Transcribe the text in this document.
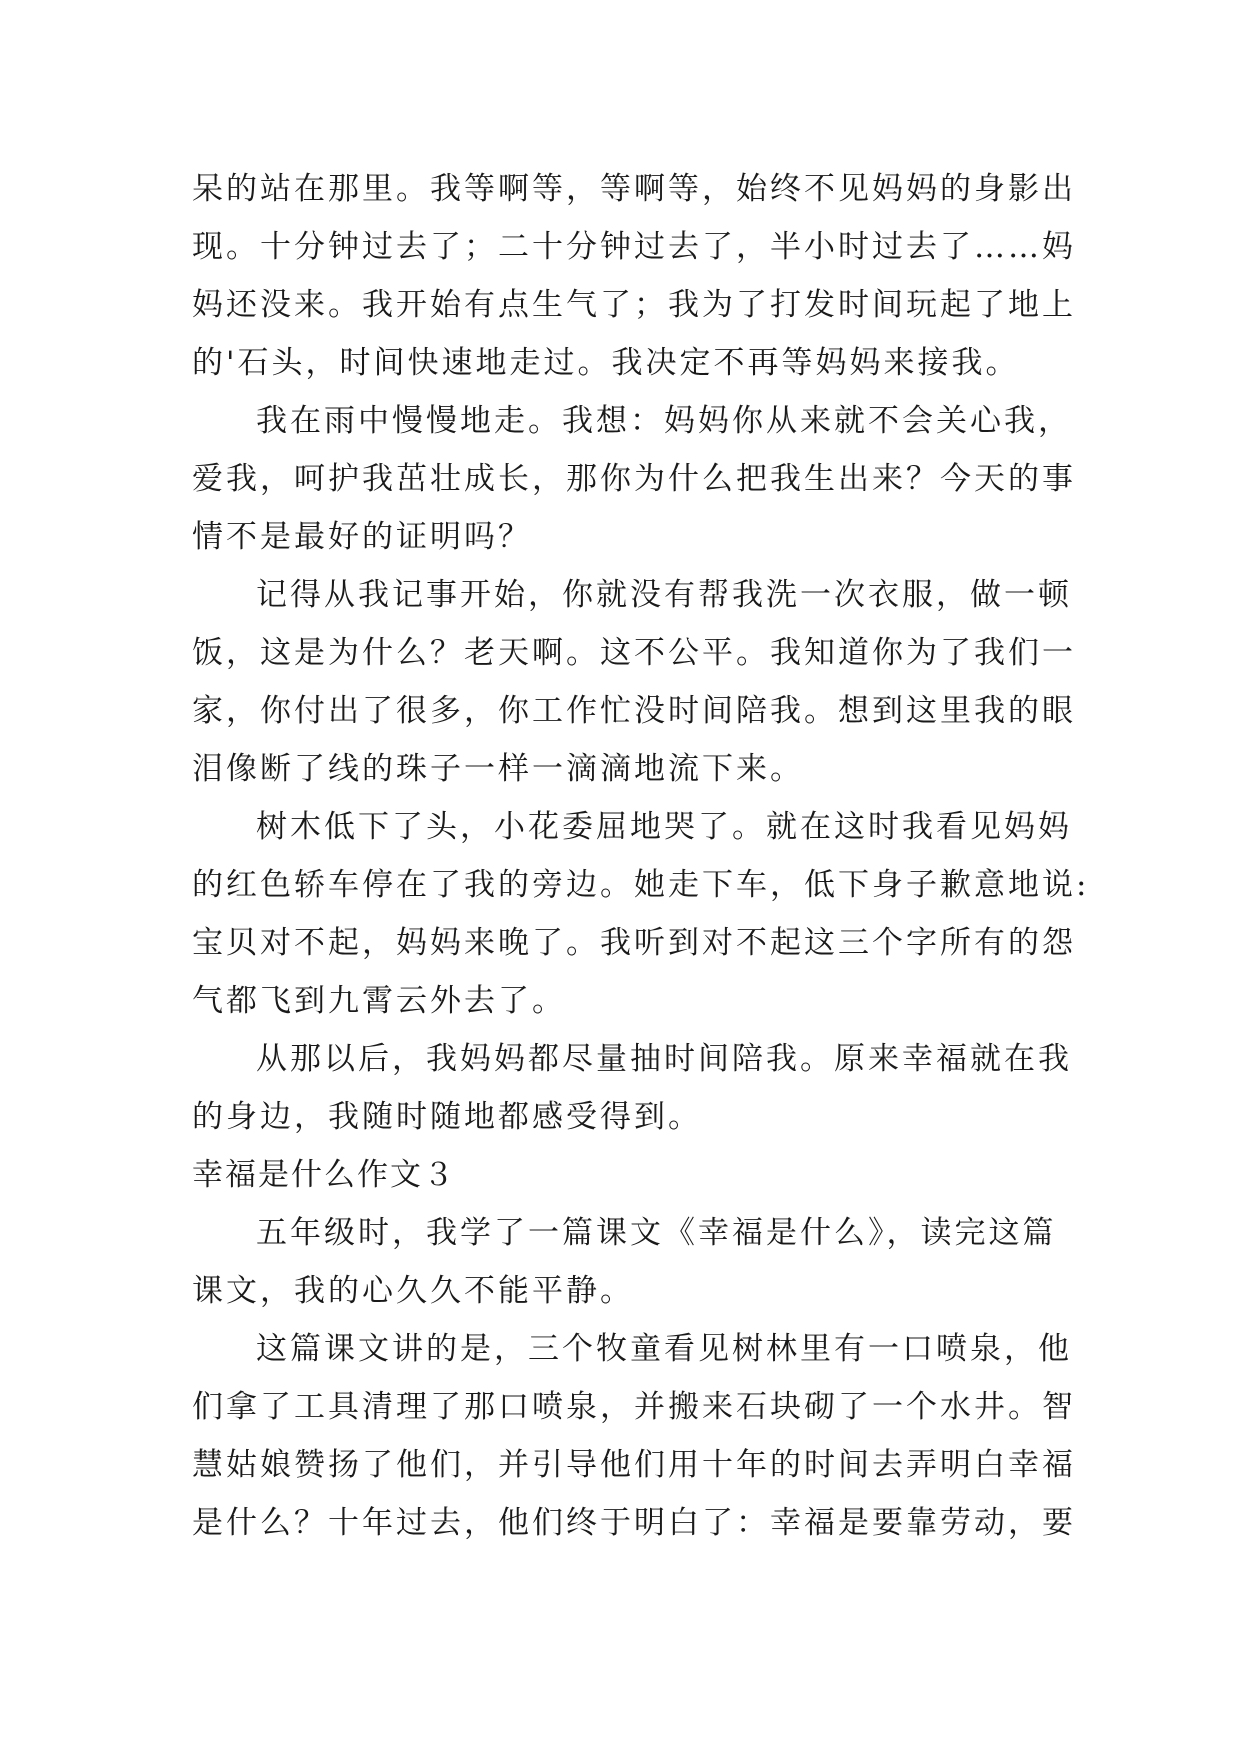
呆的站在那里。我等啊等，等啊等，始终不见妈妈的身影出
现。十分钟过去了；二十分钟过去了，半小时过去了……妈
妈还没来。我开始有点生气了；我为了打发时间玩起了地上
的'石头，时间快速地走过。我决定不再等妈妈来接我。
我在雨中慢慢地走。我想：妈妈你从来就不会关心我，
爱我，呵护我茁壮成长，那你为什么把我生出来？今天的事
情不是最好的证明吗？
记得从我记事开始，你就没有帮我洗一次衣服，做一顿
饭，这是为什么？老天啊。这不公平。我知道你为了我们一
家，你付出了很多，你工作忙没时间陪我。想到这里我的眼
泪像断了线的珠子一样一滴滴地流下来。
树木低下了头，小花委屈地哭了。就在这时我看见妈妈
的红色轿车停在了我的旁边。她走下车，低下身子歉意地说:
宝贝对不起，妈妈来晚了。我听到对不起这三个字所有的怨
气都飞到九霄云外去了。
从那以后，我妈妈都尽量抽时间陪我。原来幸福就在我
的身边，我随时随地都感受得到。
幸福是什么作文３
五年级时，我学了一篇课文《幸福是什么》，读完这篇
课文，我的心久久不能平静。
这篇课文讲的是，三个牧童看见树林里有一口喷泉，他
们拿了工具清理了那口喷泉，并搬来石块砌了一个水井。智
慧姑娘赞扬了他们，并引导他们用十年的时间去弄明白幸福
是什么？十年过去，他们终于明白了：幸福是要靠劳动，要
